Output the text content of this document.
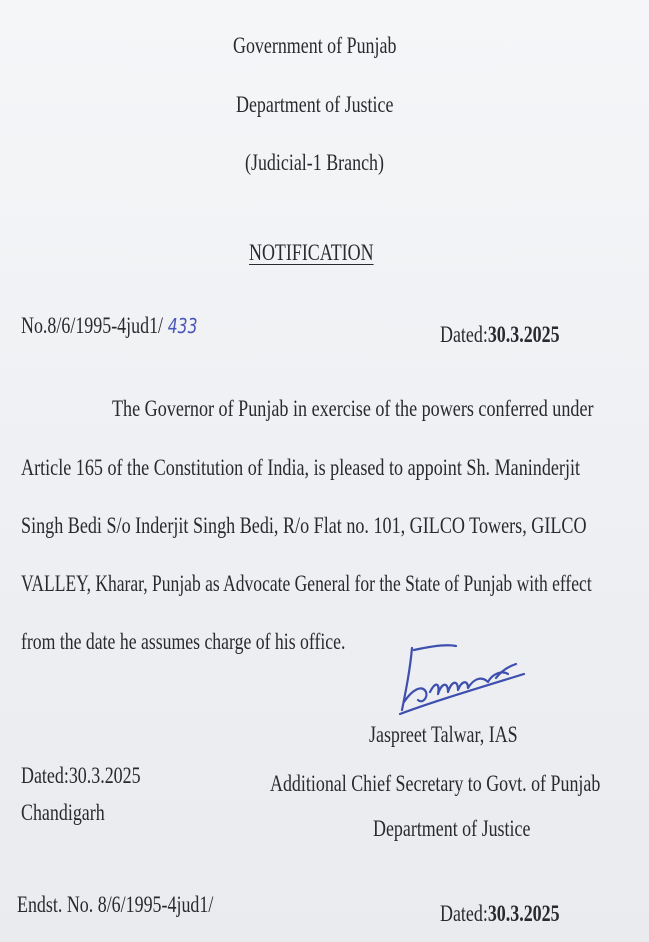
Government of Punjab
Department of Justice
(Judicial-1 Branch)
NOTIFICATION
No.8/6/1995-4jud1/ 433	Dated:30.3.2025
The Governor of Punjab in exercise of the powers conferred under
Article 165 of the Constitution of India, is pleased to appoint Sh. Maninderjit
Singh Bedi S/o Inderjit Singh Bedi, R/o Flat no. 101, GILCO Towers, GILCO
VALLEY, Kharar, Punjab as Advocate General for the State of Punjab with effect
from the date he assumes charge of his office.
Jaspreet Talwar, IAS
Dated:30.3.2025	Additional Chief Secretary to Govt. of Punjab
Chandigarh
Department of Justice
Endst. No. 8/6/1995-4jud1/	Dated:30.3.2025
